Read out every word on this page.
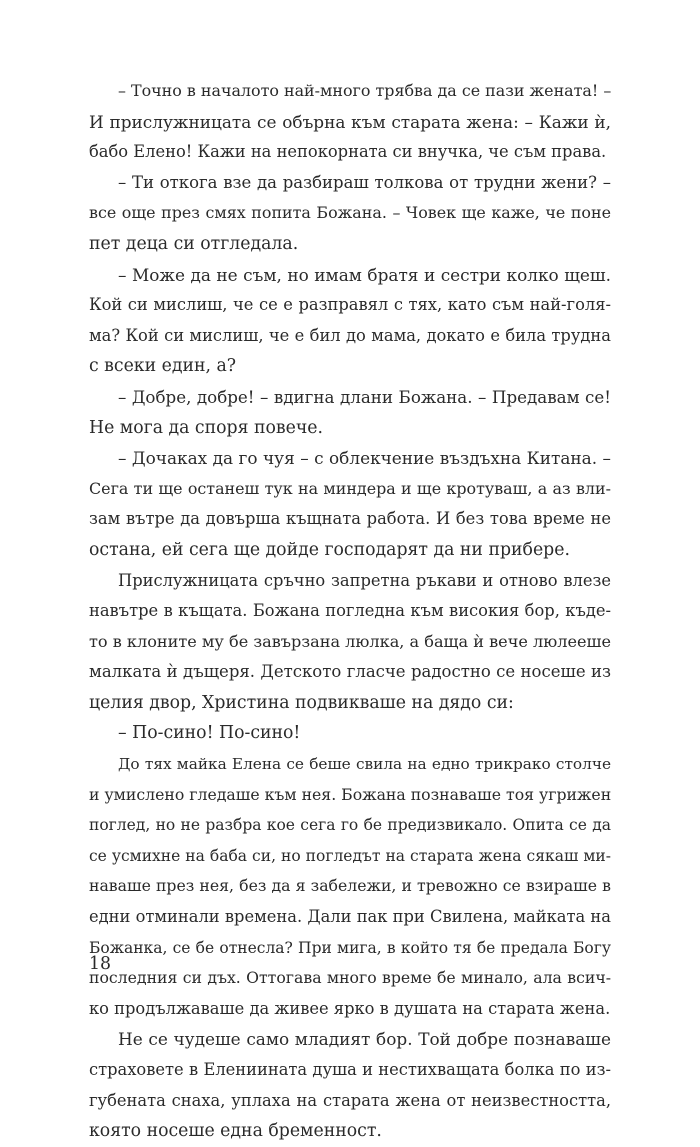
– Точно в началото най-много трябва да се пази жената! –
И прислужницата се обърна към старата жена: – Кажи ѝ,
бабо Елено! Кажи на непокорната си внучка, че съм права.
– Ти откога взе да разбираш толкова от трудни жени? –
все още през смях попита Божана. – Човек ще каже, че поне
пет деца си отгледала.
– Може да не съм, но имам братя и сестри колко щеш.
Кой си мислиш, че се е разправял с тях, като съм най-голя-
ма? Кой си мислиш, че е бил до мама, докато е била трудна
с всеки един, а?
– Добре, добре! – вдигна длани Божана. – Предавам се!
Не мога да споря повече.
– Дочаках да го чуя – с облекчение въздъхна Китана. –
Сега ти ще останеш тук на миндера и ще кротуваш, а аз вли-
зам вътре да довърша къщната работа. И без това време не
остана, ей сега ще дойде господарят да ни прибере.
Прислужницата сръчно запретна ръкави и отново влезе
навътре в къщата. Божана погледна към високия бор, къде-
то в клоните му бе завързана люлка, а баща ѝ вече люлееше
малката ѝ дъщеря. Детското гласче радостно се носеше из
целия двор, Христина подвикваше на дядо си:
– По-сино! По-сино!
До тях майка Елена се беше свила на едно трикрако столче
и умислено гледаше към нея. Божана познаваше тоя угрижен
поглед, но не разбра кое сега го бе предизвикало. Опита се да
се усмихне на баба си, но погледът на старата жена сякаш ми-
наваше през нея, без да я забележи, и тревожно се взираше в
едни отминали времена. Дали пак при Свилена, майката на
Божанка, се бе отнесла? При мига, в който тя бе предала Богу
последния си дъх. Оттогава много време бе минало, ала всич-
ко продължаваше да живее ярко в душата на старата жена.
Не се чудеше само младият бор. Той добре познаваше
страховете в Елениината душа и нестихващата болка по из-
губената снаха, уплаха на старата жена от неизвестността,
която носеше една бременност.
18
